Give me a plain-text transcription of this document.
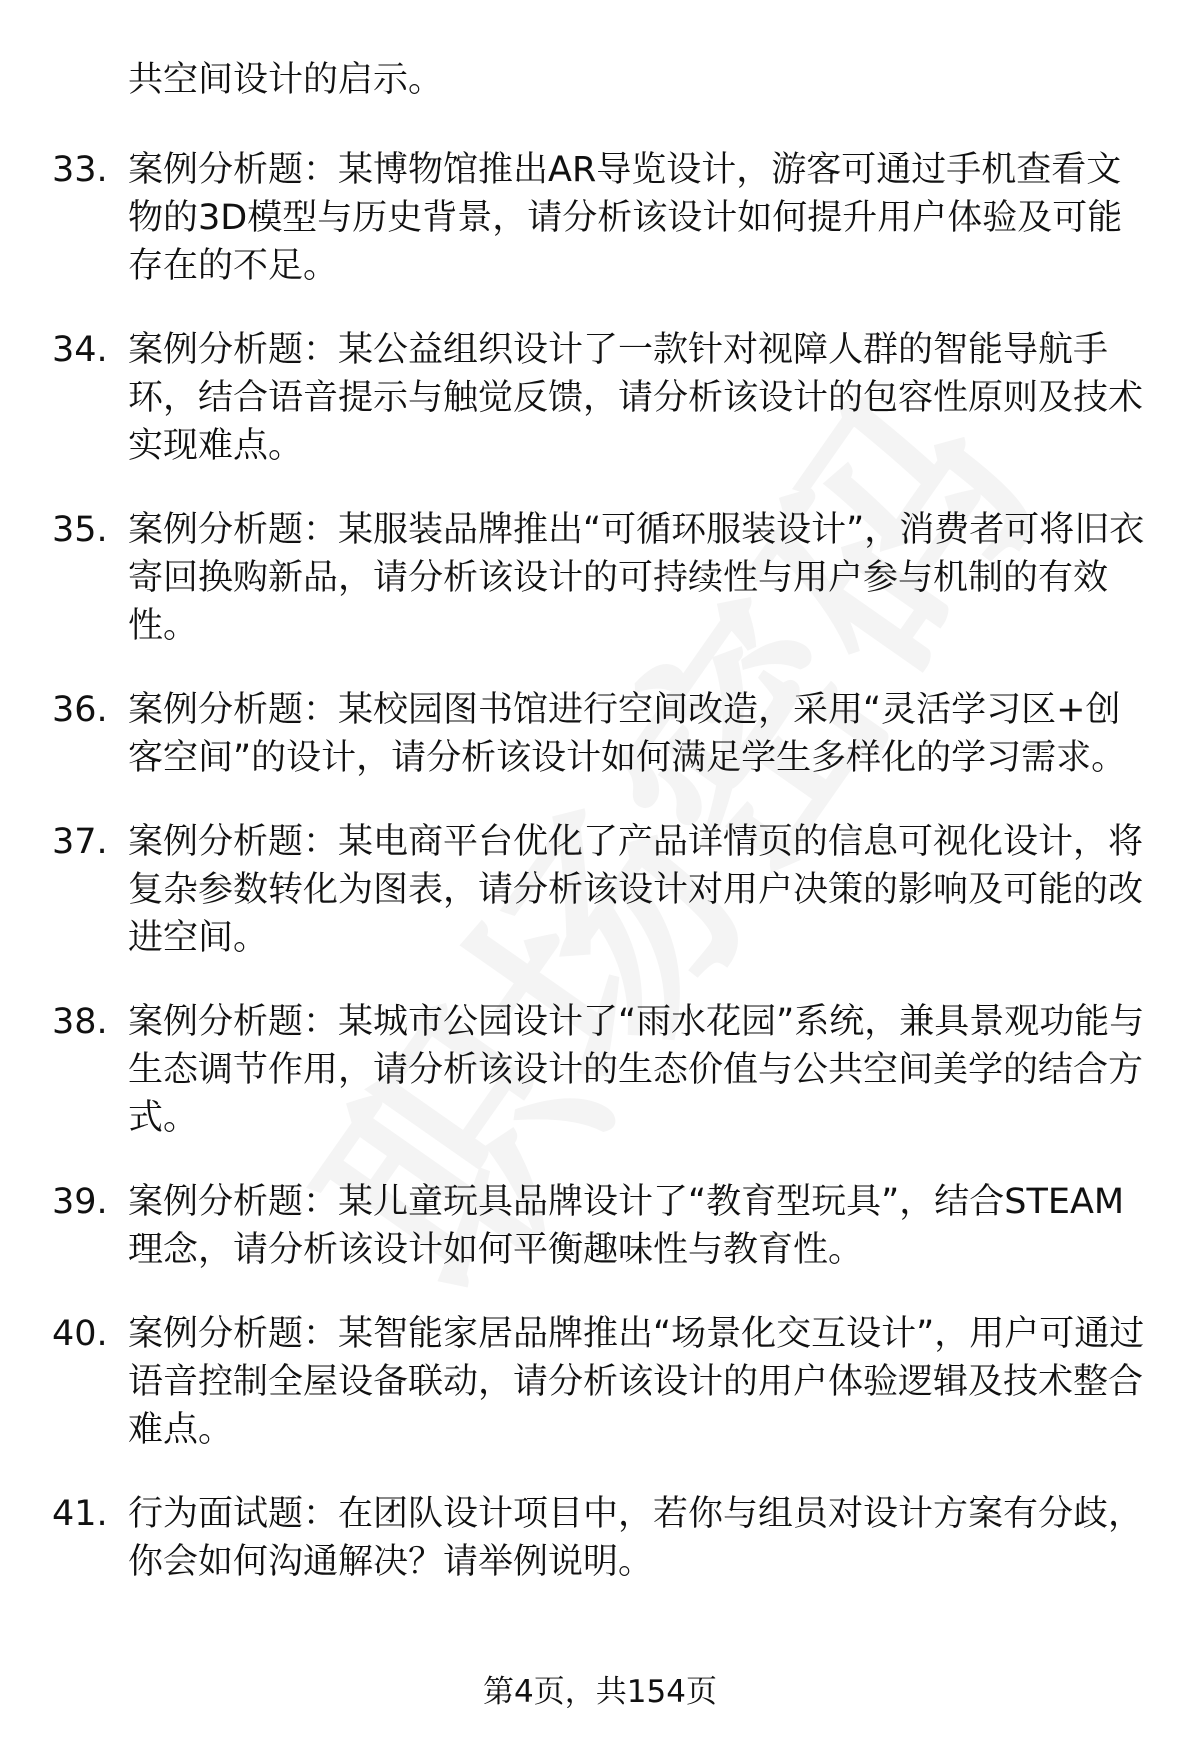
共空间设计的启示。
33. 案例分析题：某博物馆推出AR导览设计，游客可通过手机查看文物的3D模型与历史背景，请分析该设计如何提升用户体验及可能存在的不足。
34. 案例分析题：某公益组织设计了一款针对视障人群的智能导航手环，结合语音提示与触觉反馈，请分析该设计的包容性原则及技术实现难点。
35. 案例分析题：某服装品牌推出“可循环服装设计”，消费者可将旧衣寄回换购新品，请分析该设计的可持续性与用户参与机制的有效性。
36. 案例分析题：某校园图书馆进行空间改造，采用“灵活学习区+创客空间”的设计，请分析该设计如何满足学生多样化的学习需求。
37. 案例分析题：某电商平台优化了产品详情页的信息可视化设计，将复杂参数转化为图表，请分析该设计对用户决策的影响及可能的改进空间。
38. 案例分析题：某城市公园设计了“雨水花园”系统，兼具景观功能与生态调节作用，请分析该设计的生态价值与公共空间美学的结合方式。
39. 案例分析题：某儿童玩具品牌设计了“教育型玩具”，结合STEAM理念，请分析该设计如何平衡趣味性与教育性。
40. 案例分析题：某智能家居品牌推出“场景化交互设计”，用户可通过语音控制全屋设备联动，请分析该设计的用户体验逻辑及技术整合难点。
41. 行为面试题：在团队设计项目中，若你与组员对设计方案有分歧，你会如何沟通解决？请举例说明。
第4页，共154页
